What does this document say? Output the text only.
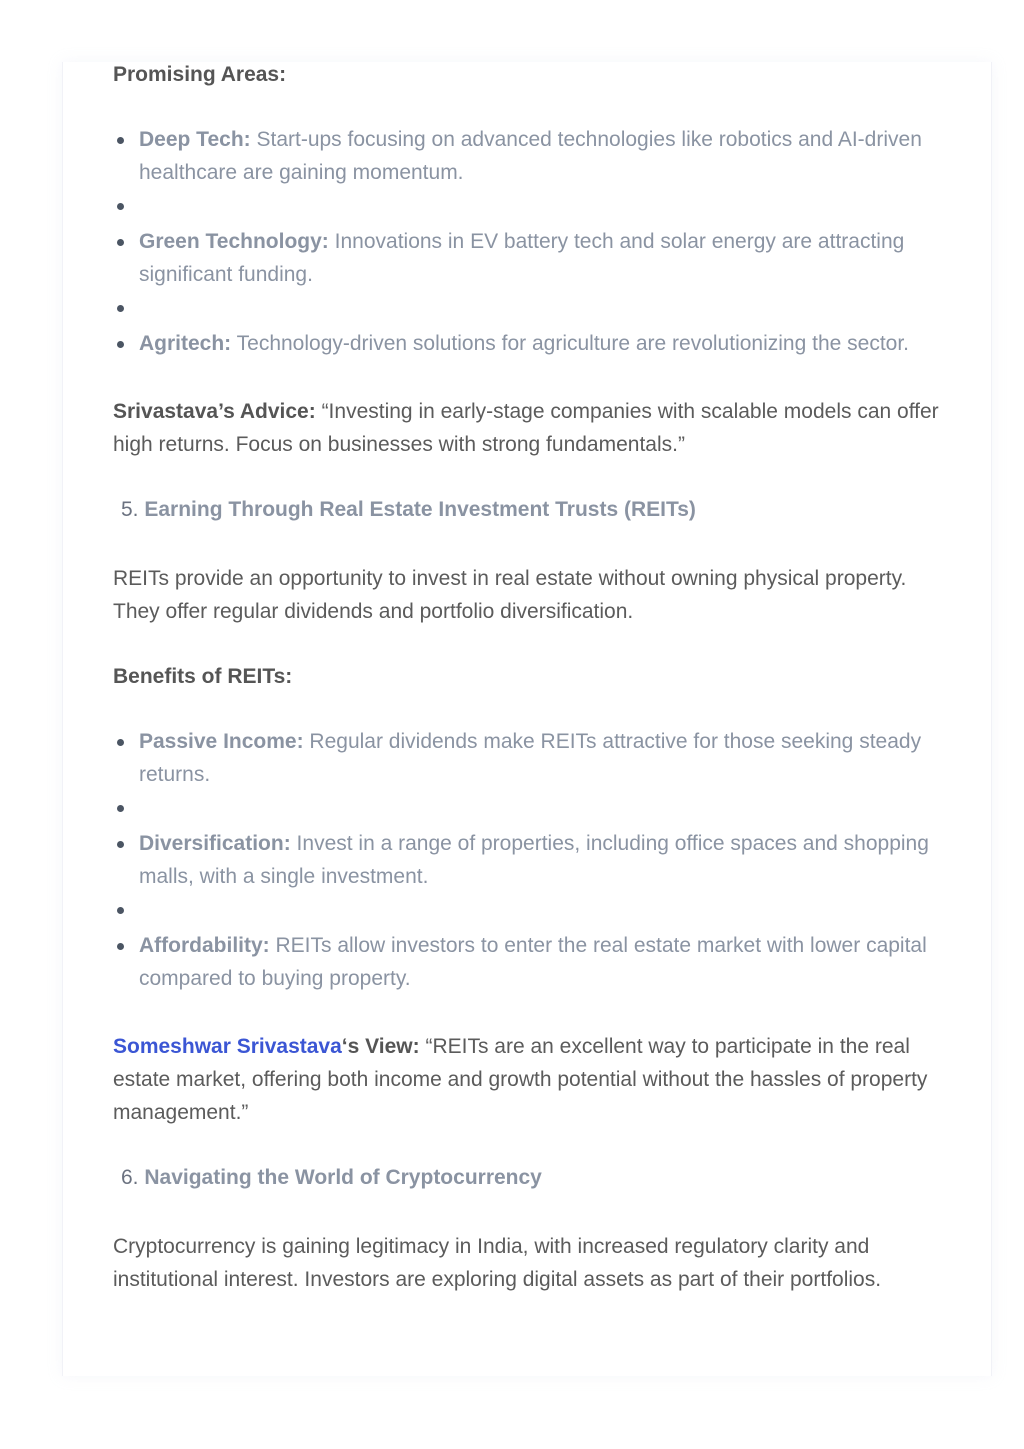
Promising Areas:

Deep Tech: Start-ups focusing on advanced technologies like robotics and AI-driven healthcare are gaining momentum.
Green Technology: Innovations in EV battery tech and solar energy are attracting significant funding.
Agritech: Technology-driven solutions for agriculture are revolutionizing the sector.

Srivastava’s Advice: “Investing in early-stage companies with scalable models can offer high returns. Focus on businesses with strong fundamentals.”

5. Earning Through Real Estate Investment Trusts (REITs)

REITs provide an opportunity to invest in real estate without owning physical property. They offer regular dividends and portfolio diversification.

Benefits of REITs:

Passive Income: Regular dividends make REITs attractive for those seeking steady returns.
Diversification: Invest in a range of properties, including office spaces and shopping malls, with a single investment.
Affordability: REITs allow investors to enter the real estate market with lower capital compared to buying property.

Someshwar Srivastava‘s View: “REITs are an excellent way to participate in the real estate market, offering both income and growth potential without the hassles of property management.”

6. Navigating the World of Cryptocurrency

Cryptocurrency is gaining legitimacy in India, with increased regulatory clarity and institutional interest. Investors are exploring digital assets as part of their portfolios.
